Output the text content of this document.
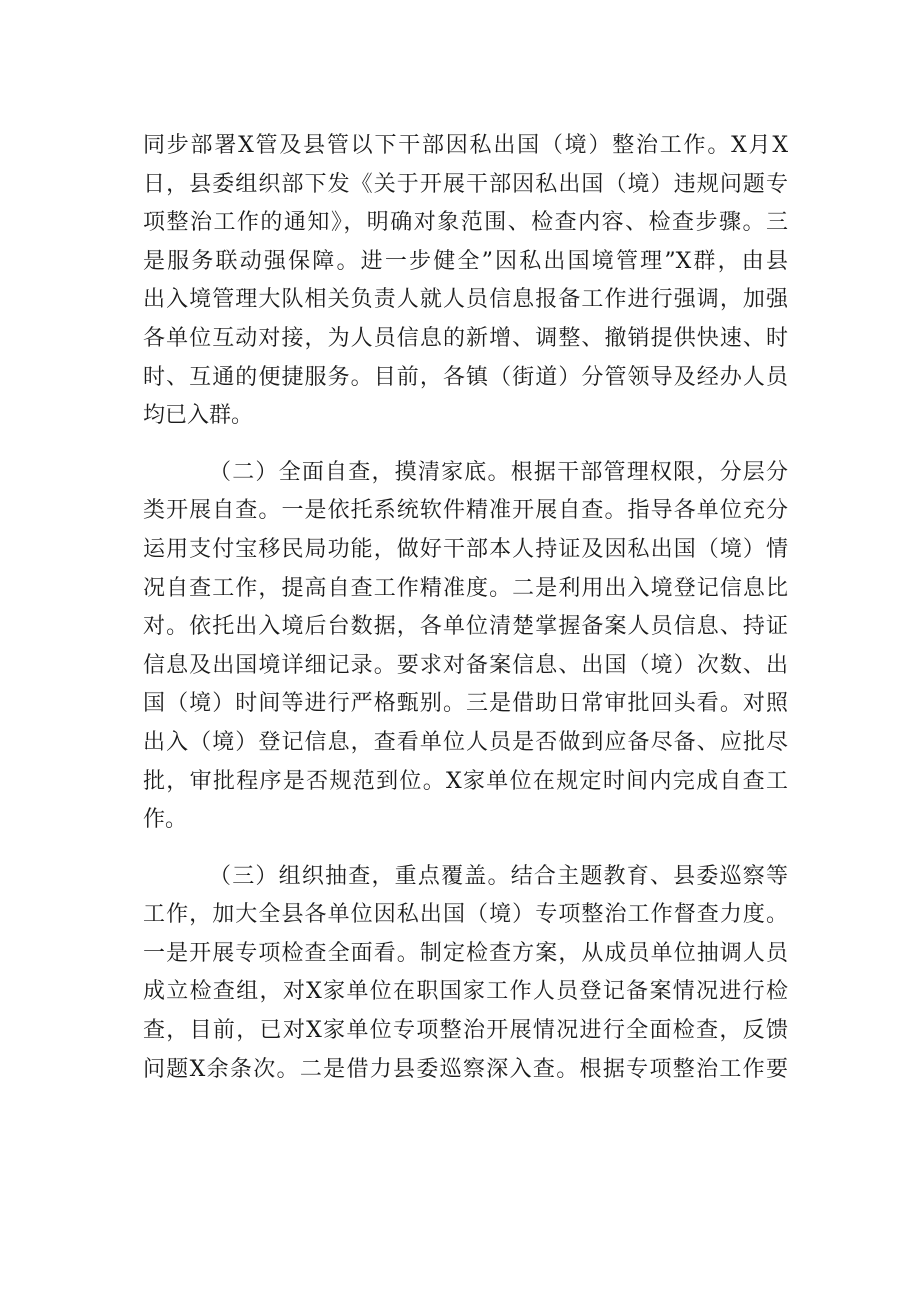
同步部署X管及县管以下干部因私出国（境）整治工作。X月X
日，县委组织部下发《关于开展干部因私出国（境）违规问题专
项整治工作的通知》，明确对象范围、检查内容、检查步骤。三
是服务联动强保障。进一步健全”因私出国境管理”X群，由县
出入境管理大队相关负责人就人员信息报备工作进行强调，加强
各单位互动对接，为人员信息的新增、调整、撤销提供快速、时
时、互通的便捷服务。目前，各镇（街道）分管领导及经办人员
均已入群。
（二）全面自查，摸清家底。根据干部管理权限，分层分
类开展自查。一是依托系统软件精准开展自查。指导各单位充分
运用支付宝移民局功能，做好干部本人持证及因私出国（境）情
况自查工作，提高自查工作精准度。二是利用出入境登记信息比
对。依托出入境后台数据，各单位清楚掌握备案人员信息、持证
信息及出国境详细记录。要求对备案信息、出国（境）次数、出
国（境）时间等进行严格甄别。三是借助日常审批回头看。对照
出入（境）登记信息，查看单位人员是否做到应备尽备、应批尽
批，审批程序是否规范到位。X家单位在规定时间内完成自查工
作。
（三）组织抽查，重点覆盖。结合主题教育、县委巡察等
工作，加大全县各单位因私出国（境）专项整治工作督查力度。
一是开展专项检查全面看。制定检查方案，从成员单位抽调人员
成立检查组，对X家单位在职国家工作人员登记备案情况进行检
查，目前，已对X家单位专项整治开展情况进行全面检查，反馈
问题X余条次。二是借力县委巡察深入查。根据专项整治工作要
